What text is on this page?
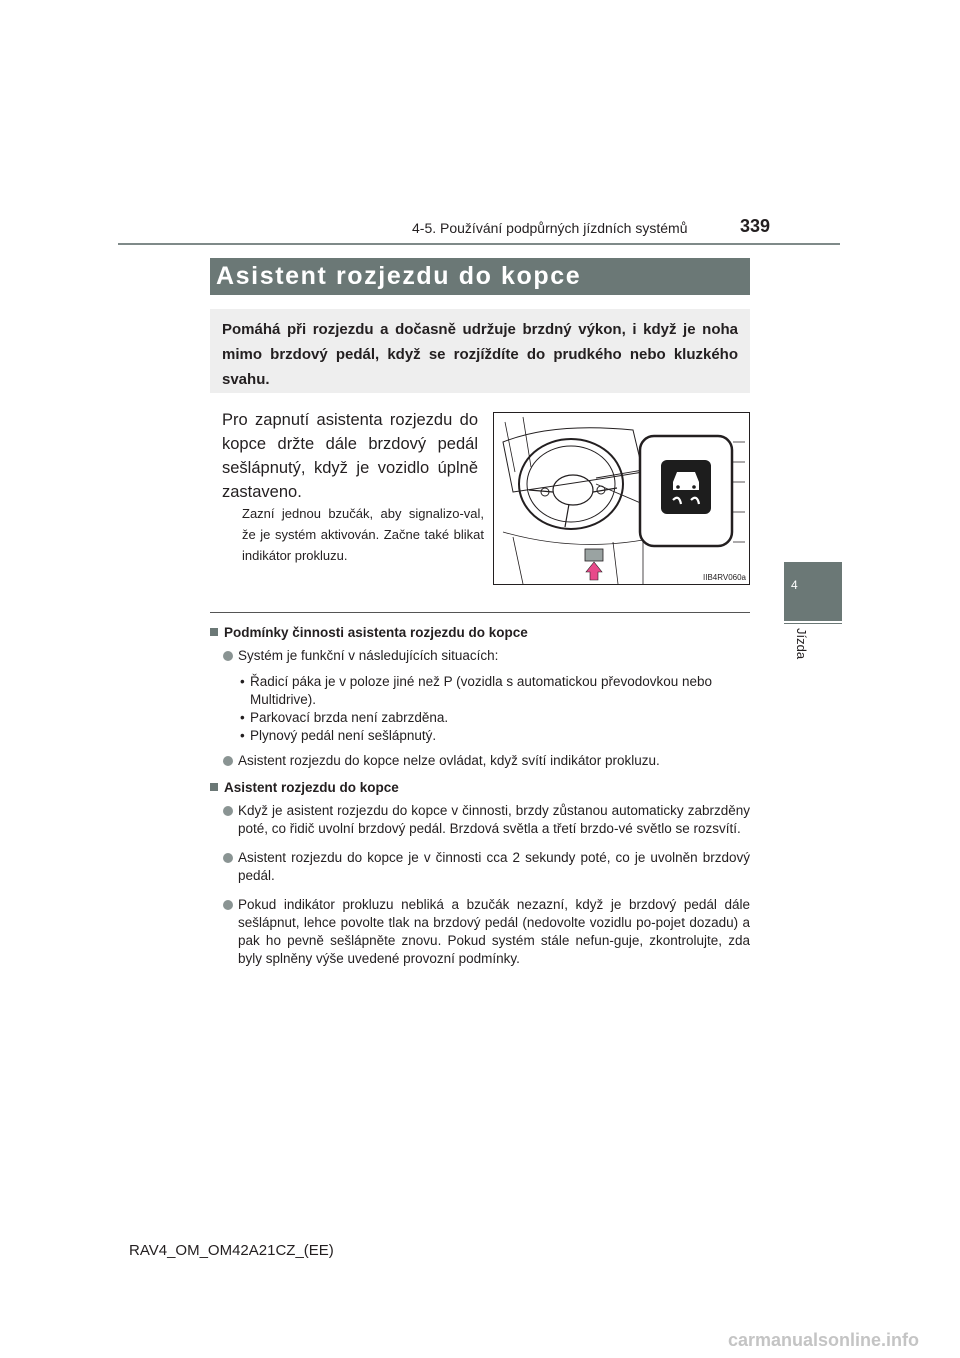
4-5. Používání podpůrných jízdních systémů	339
4
Jízda
Asistent rozjezdu do kopce

Pomáhá při rozjezdu a dočasně udržuje brzdný výkon, i když je noha mimo brzdový pedál, když se rozjíždíte do prudkého nebo kluzkého svahu.

Pro zapnutí asistenta rozjezdu do kopce držte dále brzdový pedál sešlápnutý, když je vozidlo úplně zastaveno.

Zazní jednou bzučák, aby signalizo-val, že je systém aktivován. Začne také blikat indikátor prokluzu.

IIB4RV060a

Podmínky činnosti asistenta rozjezdu do kopce

Systém je funkční v následujících situacích:
• Řadicí páka je v poloze jiné než P (vozidla s automatickou převodovkou nebo Multidrive).
• Parkovací brzda není zabrzděna.
• Plynový pedál není sešlápnutý.
Asistent rozjezdu do kopce nelze ovládat, když svítí indikátor prokluzu.

Asistent rozjezdu do kopce

Když je asistent rozjezdu do kopce v činnosti, brzdy zůstanou automaticky zabrzděny poté, co řidič uvolní brzdový pedál. Brzdová světla a třetí brzdo-vé světlo se rozsvítí.
Asistent rozjezdu do kopce je v činnosti cca 2 sekundy poté, co je uvolněn brzdový pedál.
Pokud indikátor prokluzu nebliká a bzučák nezazní, když je brzdový pedál dále sešlápnut, lehce povolte tlak na brzdový pedál (nedovolte vozidlu po-pojet dozadu) a pak ho pevně sešlápněte znovu. Pokud systém stále nefun-guje, zkontrolujte, zda byly splněny výše uvedené provozní podmínky.
RAV4_OM_OM42A21CZ_(EE)
carmanualsonline.info
